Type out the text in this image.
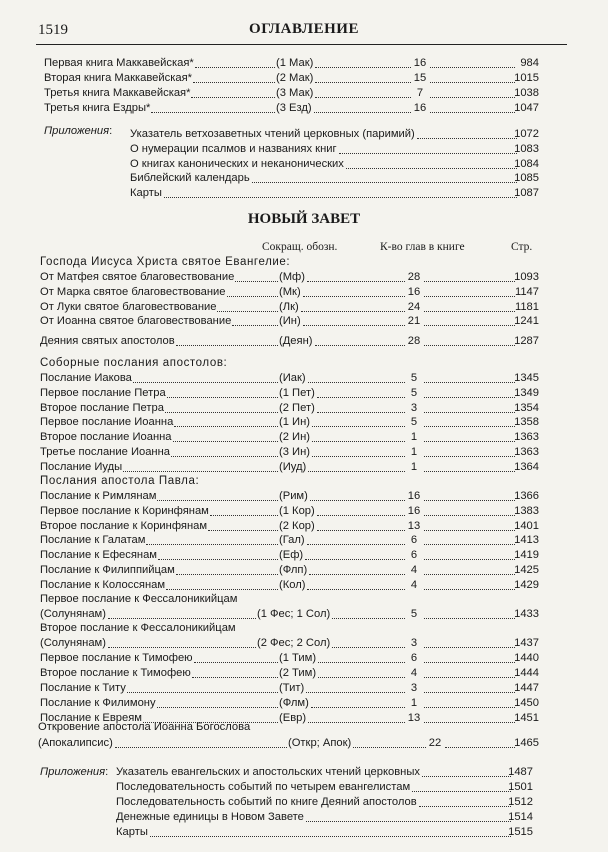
1519	ОГЛАВЛЕНИЕ
НОВЫЙ ЗАВЕТ
Сокращ. обозн.	К-во глав в книге	Стр.
Первая книга Маккавейская*	(1 Мак)	16	984
Вторая книга Маккавейская*	(2 Мак)	15	1015
Третья книга Маккавейская*	(3 Мак)	7	1038
Третья книга Ездры*	(3 Езд)	16	1047
Приложения : Указатель ветхозаветных чтений церковных (паримий)	1072
О нумерации псалмов и названиях книг	1083
О книгах канонических и неканонических	1084
Библейский календарь	1085
Карты	1087
Господа Иисуса Христа святое Евангелие:
От Матфея святое благовествование	(Мф)	28	1093
От Марка святое благовествование	(Мк)	16	1147
От Луки святое благовествование	(Лк)	24	1181
От Иоанна святое благовествование	(Ин)	21	1241
Деяния святых апостолов	(Деян)	28	1287
Соборные послания апостолов:
Послание Иакова	(Иак)	5	1345
Первое послание Петра	(1 Пет)	5	1349
Второе послание Петра	(2 Пет)	3	1354
Первое послание Иоанна	(1 Ин)	5	1358
Второе послание Иоанна	(2 Ин)	1	1363
Третье послание Иоанна	(3 Ин)	1	1363
Послание Иуды	(Иуд)	1	1364
Послания апостола Павла:
Послание к Римлянам	(Рим)	16	1366
Первое послание к Коринфянам	(1 Кор)	16	1383
Второе послание к Коринфянам	(2 Кор)	13	1401
Послание к Галатам	(Гал)	6	1413
Послание к Ефесянам	(Еф)	6	1419
Послание к Филиппийцам	(Флп)	4	1425
Послание к Колоссянам	(Кол)	4	1429
Первое послание к Фессалоникийцам
(Солунянам)	(1 Фес; 1 Сол)	5	1433
Второе послание к Фессалоникийцам
(Солунянам)	(2 Фес; 2 Сол)	3	1437
Первое послание к Тимофею	(1 Тим)	6	1440
Второе послание к Тимофею	(2 Тим)	4	1444
Послание к Титу	(Тит)	3	1447
Послание к Филимону	(Флм)	1	1450
Послание к Евреям	(Евр)	13	1451
Откровение апостола Иоанна Богослова
(Апокалипсис)	(Откр; Апок)	22	1465
Приложения : Указатель евангельских и апостольских чтений церковных	1487
Последовательность событий по четырем евангелистам	1501
Последовательность событий по книге Деяний апостолов	1512
Денежные единицы в Новом Завете	1514
Карты	1515
